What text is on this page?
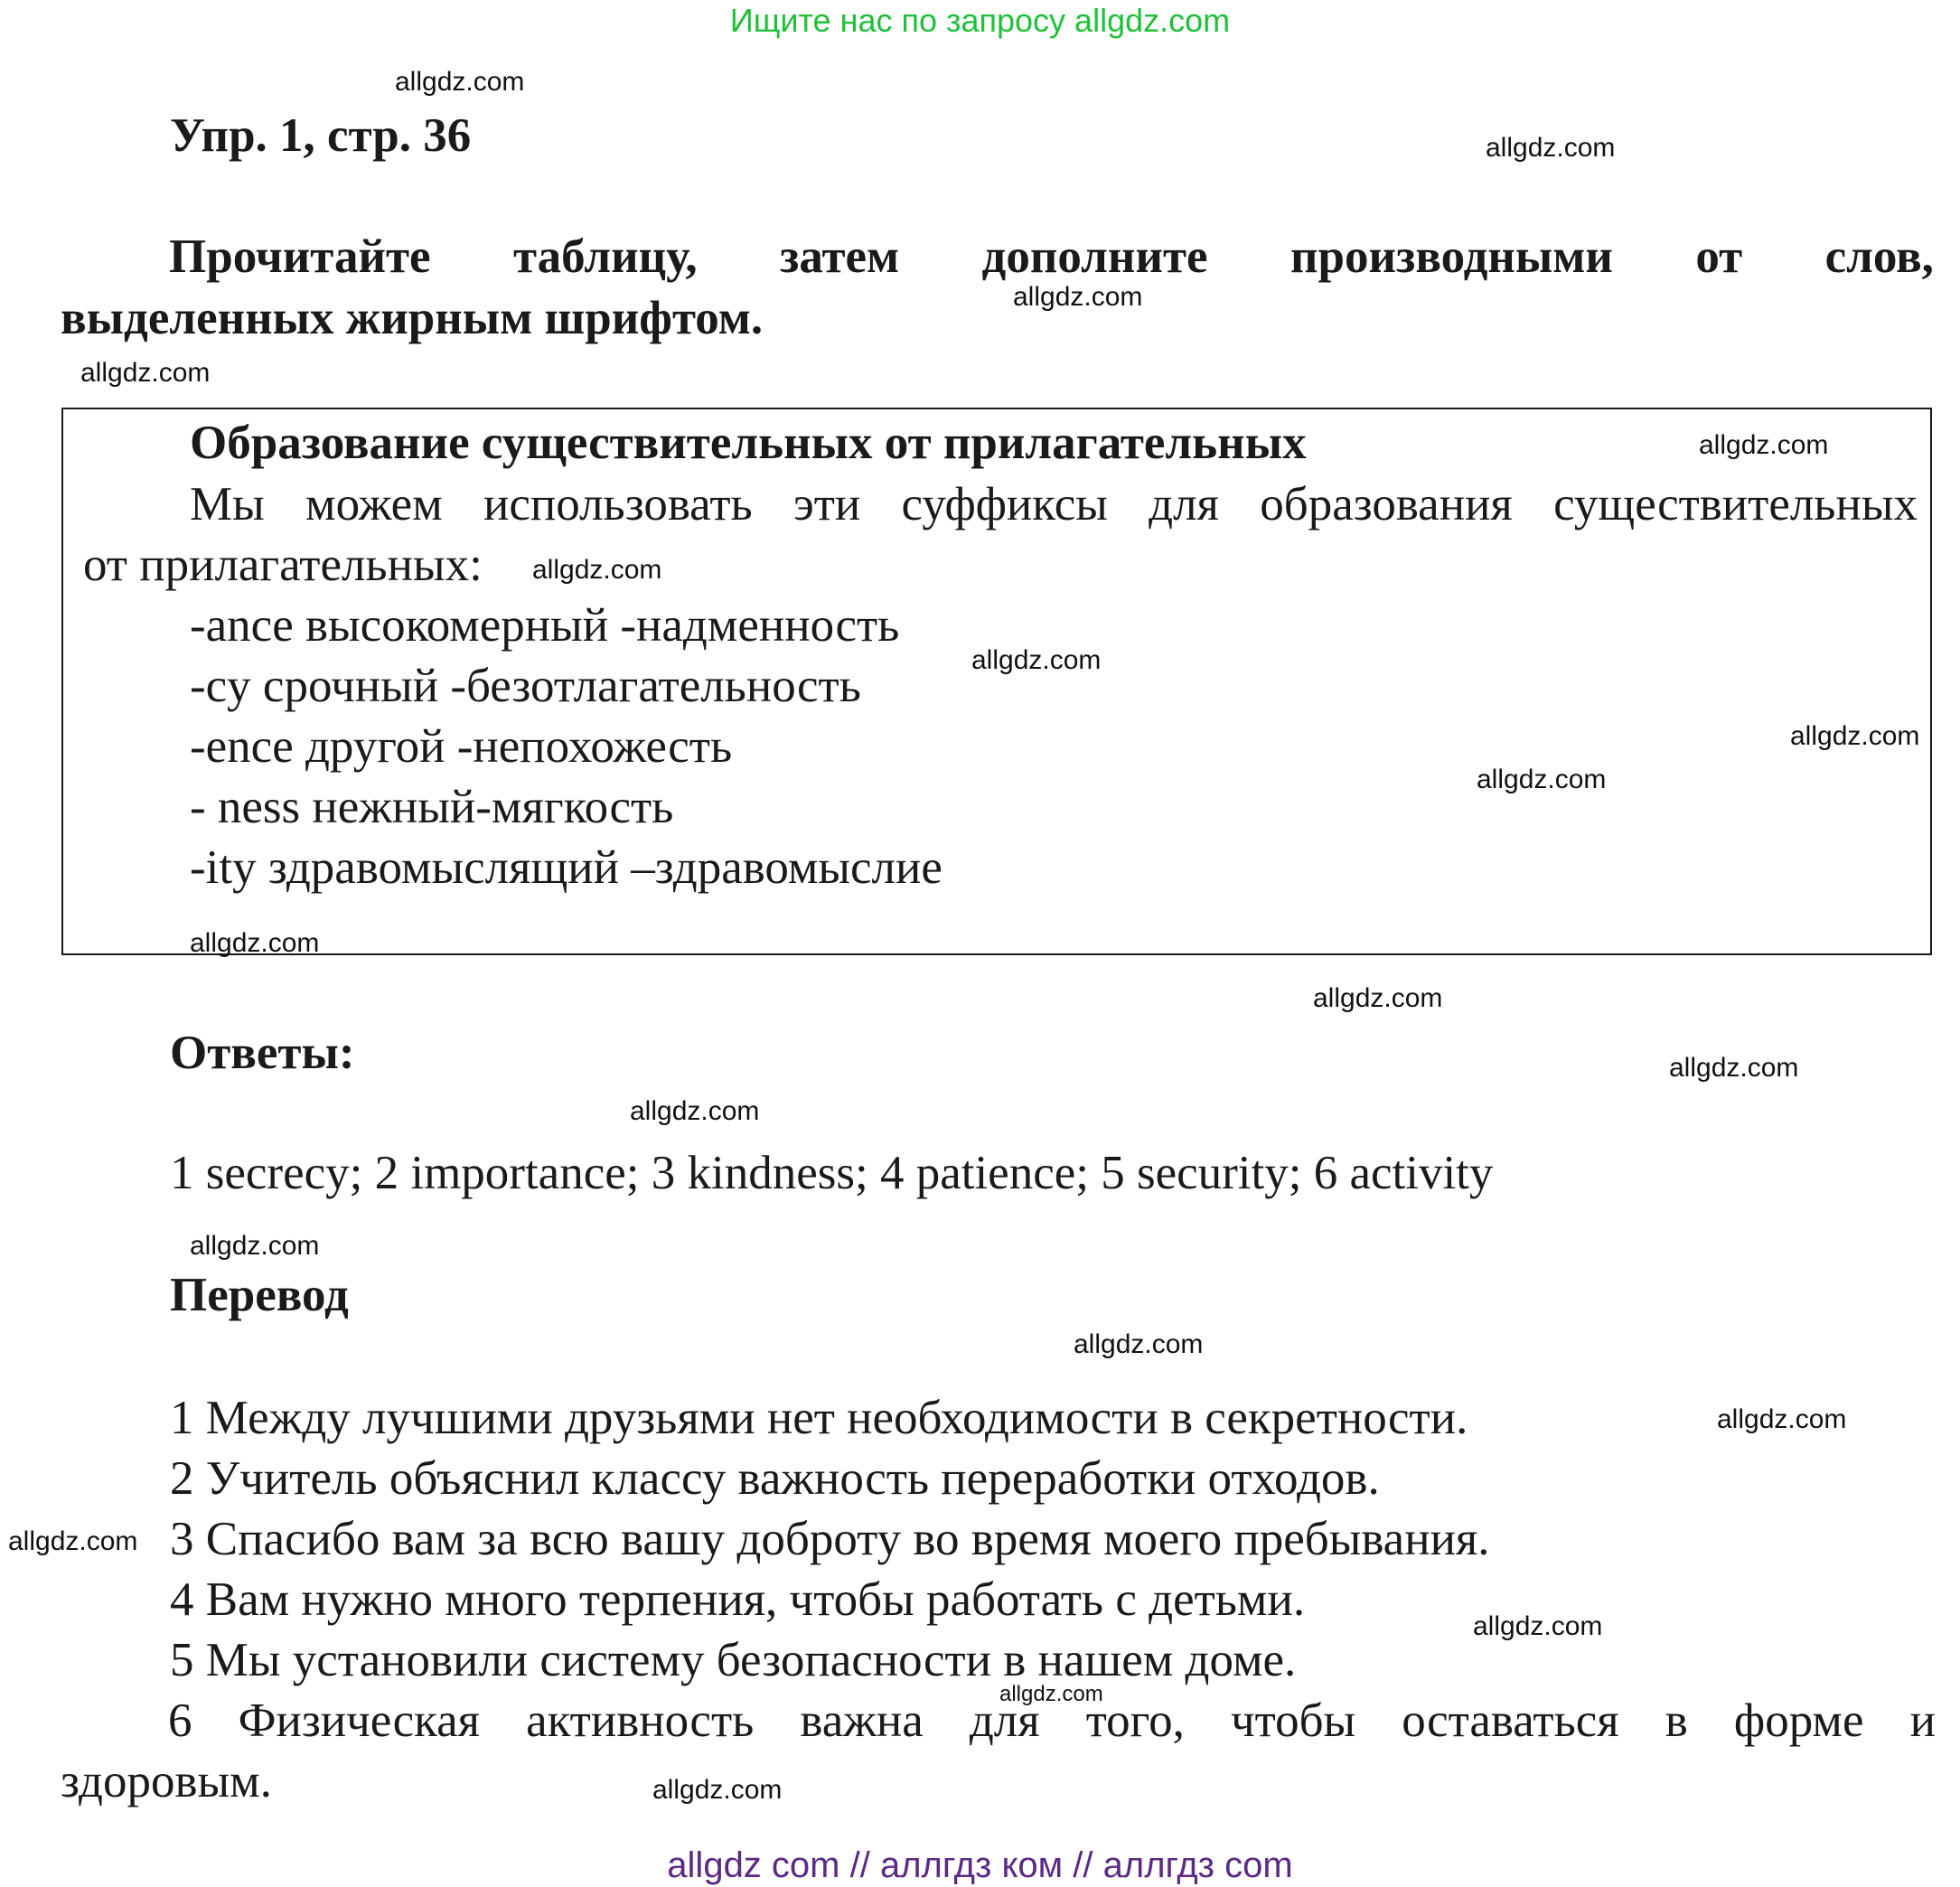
Ищите нас по запросу allgdz.com
Упр. 1, стр. 36
Прочитайте таблицу, затем дополните производными от слов,
выделенных жирным шрифтом.
Образование существительных от прилагательных
Мы можем использовать эти суффиксы для образования существительных
от прилагательных:
-ance высокомерный -надменность
-cy срочный -безотлагательность
-ence другой -непохожесть
- ness нежный-мягкость
-ity здравомыслящий –здравомыслие
Ответы:
1 secrecy; 2 importance; 3 kindness; 4 patience; 5 security; 6 activity
Перевод
1 Между лучшими друзьями нет необходимости в секретности.
2 Учитель объяснил классу важность переработки отходов.
3 Спасибо вам за всю вашу доброту во время моего пребывания.
4 Вам нужно много терпения, чтобы работать с детьми.
5 Мы установили систему безопасности в нашем доме.
6 Физическая активность важна для того, чтобы оставаться в форме и
здоровым.
allgdz.com
allgdz.com
allgdz.com
allgdz.com
allgdz.com
allgdz.com
allgdz.com
allgdz.com
allgdz.com
allgdz.com
allgdz.com
allgdz.com
allgdz.com
allgdz.com
allgdz.com
allgdz.com
allgdz.com
allgdz.com
allgdz.com
allgdz.com
allgdz com // аллгдз ком // аллгдз com
